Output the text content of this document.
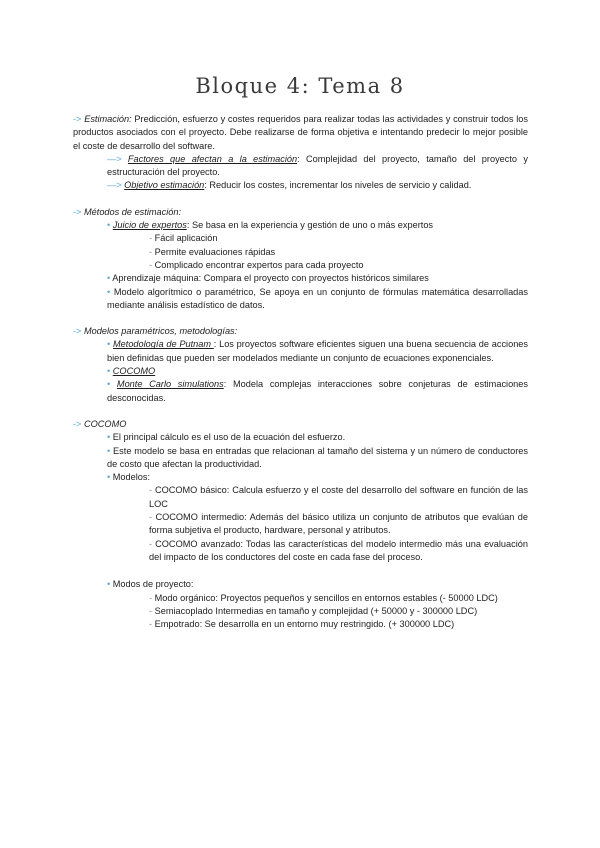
Bloque 4: Tema 8

-> Estimación: Predicción, esfuerzo y costes requeridos para realizar todas las actividades y construir todos los productos asociados con el proyecto. Debe realizarse de forma objetiva e intentando predecir lo mejor posible el coste de desarrollo del software.

—> Factores que afectan a la estimación: Complejidad del proyecto, tamaño del proyecto y estructuración del proyecto.

—> Objetivo estimación: Reducir los costes, incrementar los niveles de servicio y calidad.

-> Métodos de estimación:

• Juicio de expertos: Se basa en la experiencia y gestión de uno o más expertos

- Fácil aplicación

- Permite evaluaciones rápidas

- Complicado encontrar expertos para cada proyecto

• Aprendizaje máquina: Compara el proyecto con proyectos históricos similares

• Modelo algorítmico o paramétrico, Se apoya en un conjunto de fórmulas matemática desarrolladas mediante análisis estadístico de datos.

-> Modelos paramétricos, metodologías:

• Metodología de Putnam : Los proyectos software eficientes siguen una buena secuencia de acciones bien definidas que pueden ser modelados mediante un conjunto de ecuaciones exponenciales.

• COCOMO

• Monte Carlo simulations: Modela complejas interacciones sobre conjeturas de estimaciones desconocidas.

-> COCOMO

• El principal cálculo es el uso de la ecuación del esfuerzo.

• Este modelo se basa en entradas que relacionan al tamaño del sistema y un número de conductores de costo que afectan la productividad.

• Modelos:

- COCOMO básico: Calcula esfuerzo y el coste del desarrollo del software en función de las LOC

- COCOMO intermedio: Además del básico utiliza un conjunto de atributos que evalúan de forma subjetiva el producto, hardware, personal y atributos.

- COCOMO avanzado: Todas las características del modelo intermedio más una evaluación del impacto de los conductores del coste en cada fase del proceso.

• Modos de proyecto:

- Modo orgánico: Proyectos pequeños y sencillos en entornos estables (- 50000 LDC)

- Semiacoplado Intermedias en tamaño y complejidad (+ 50000 y - 300000 LDC)

- Empotrado: Se desarrolla en un entorno muy restringido. (+ 300000 LDC)
